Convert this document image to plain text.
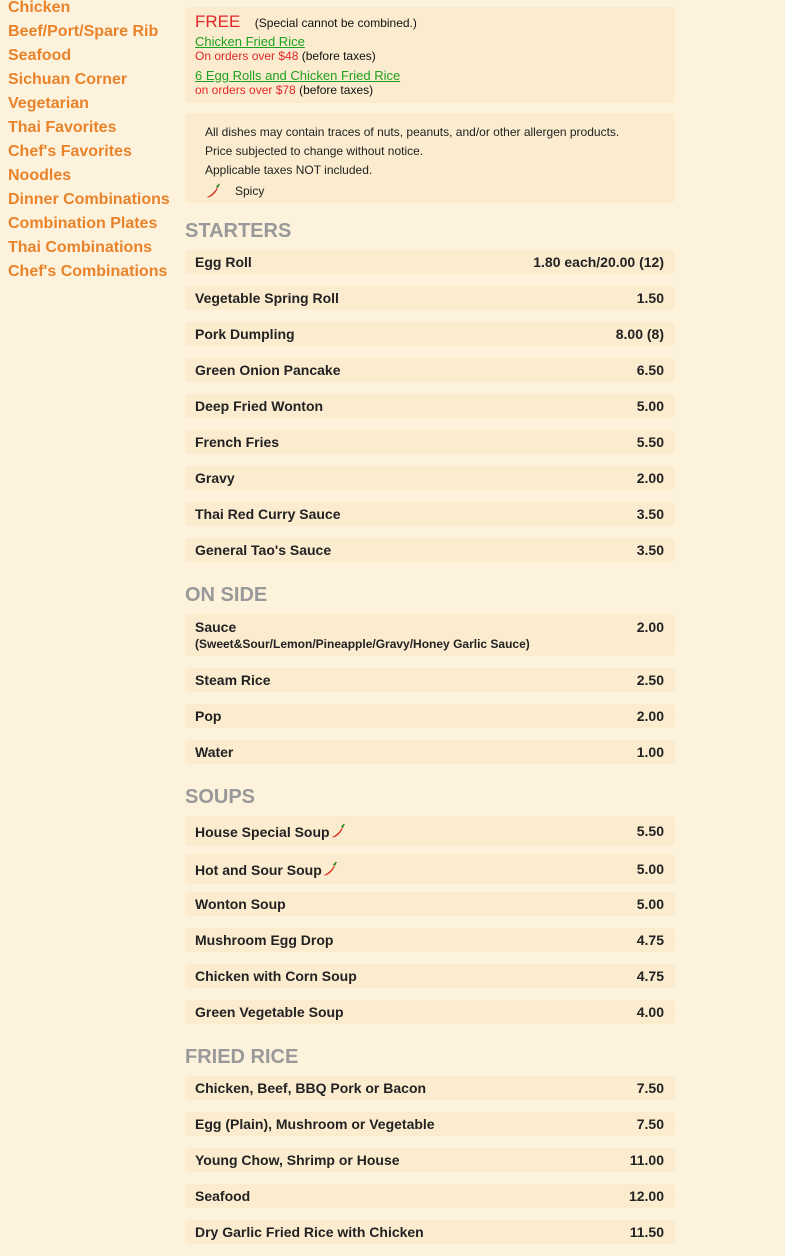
Chicken
Beef/Port/Spare Rib
Seafood
Sichuan Corner
Vegetarian
Thai Favorites
Chef's Favorites
Noodles
Dinner Combinations
Combination Plates
Thai Combinations
Chef's Combinations
FREE (Special cannot be combined.)
Chicken Fried Rice
On orders over $48 (before taxes)
6 Egg Rolls and Chicken Fried Rice
on orders over $78 (before taxes)
All dishes may contain traces of nuts, peanuts, and/or other allergen products.
Price subjected to change without notice.
Applicable taxes NOT included.
Spicy
STARTERS
Egg Roll	1.80 each/20.00 (12)
Vegetable Spring Roll	1.50
Pork Dumpling	8.00 (8)
Green Onion Pancake	6.50
Deep Fried Wonton	5.00
French Fries	5.50
Gravy	2.00
Thai Red Curry Sauce	3.50
General Tao's Sauce	3.50
ON SIDE
Sauce
(Sweet&Sour/Lemon/Pineapple/Gravy/Honey Garlic Sauce)
2.00
Steam Rice	2.50
Pop	2.00
Water	1.00
SOUPS
House Special Soup	5.50
Hot and Sour Soup	5.00
Wonton Soup	5.00
Mushroom Egg Drop	4.75
Chicken with Corn Soup	4.75
Green Vegetable Soup	4.00
FRIED RICE
Chicken, Beef, BBQ Pork or Bacon	7.50
Egg (Plain), Mushroom or Vegetable	7.50
Young Chow, Shrimp or House	11.00
Seafood	12.00
Dry Garlic Fried Rice with Chicken	11.50
